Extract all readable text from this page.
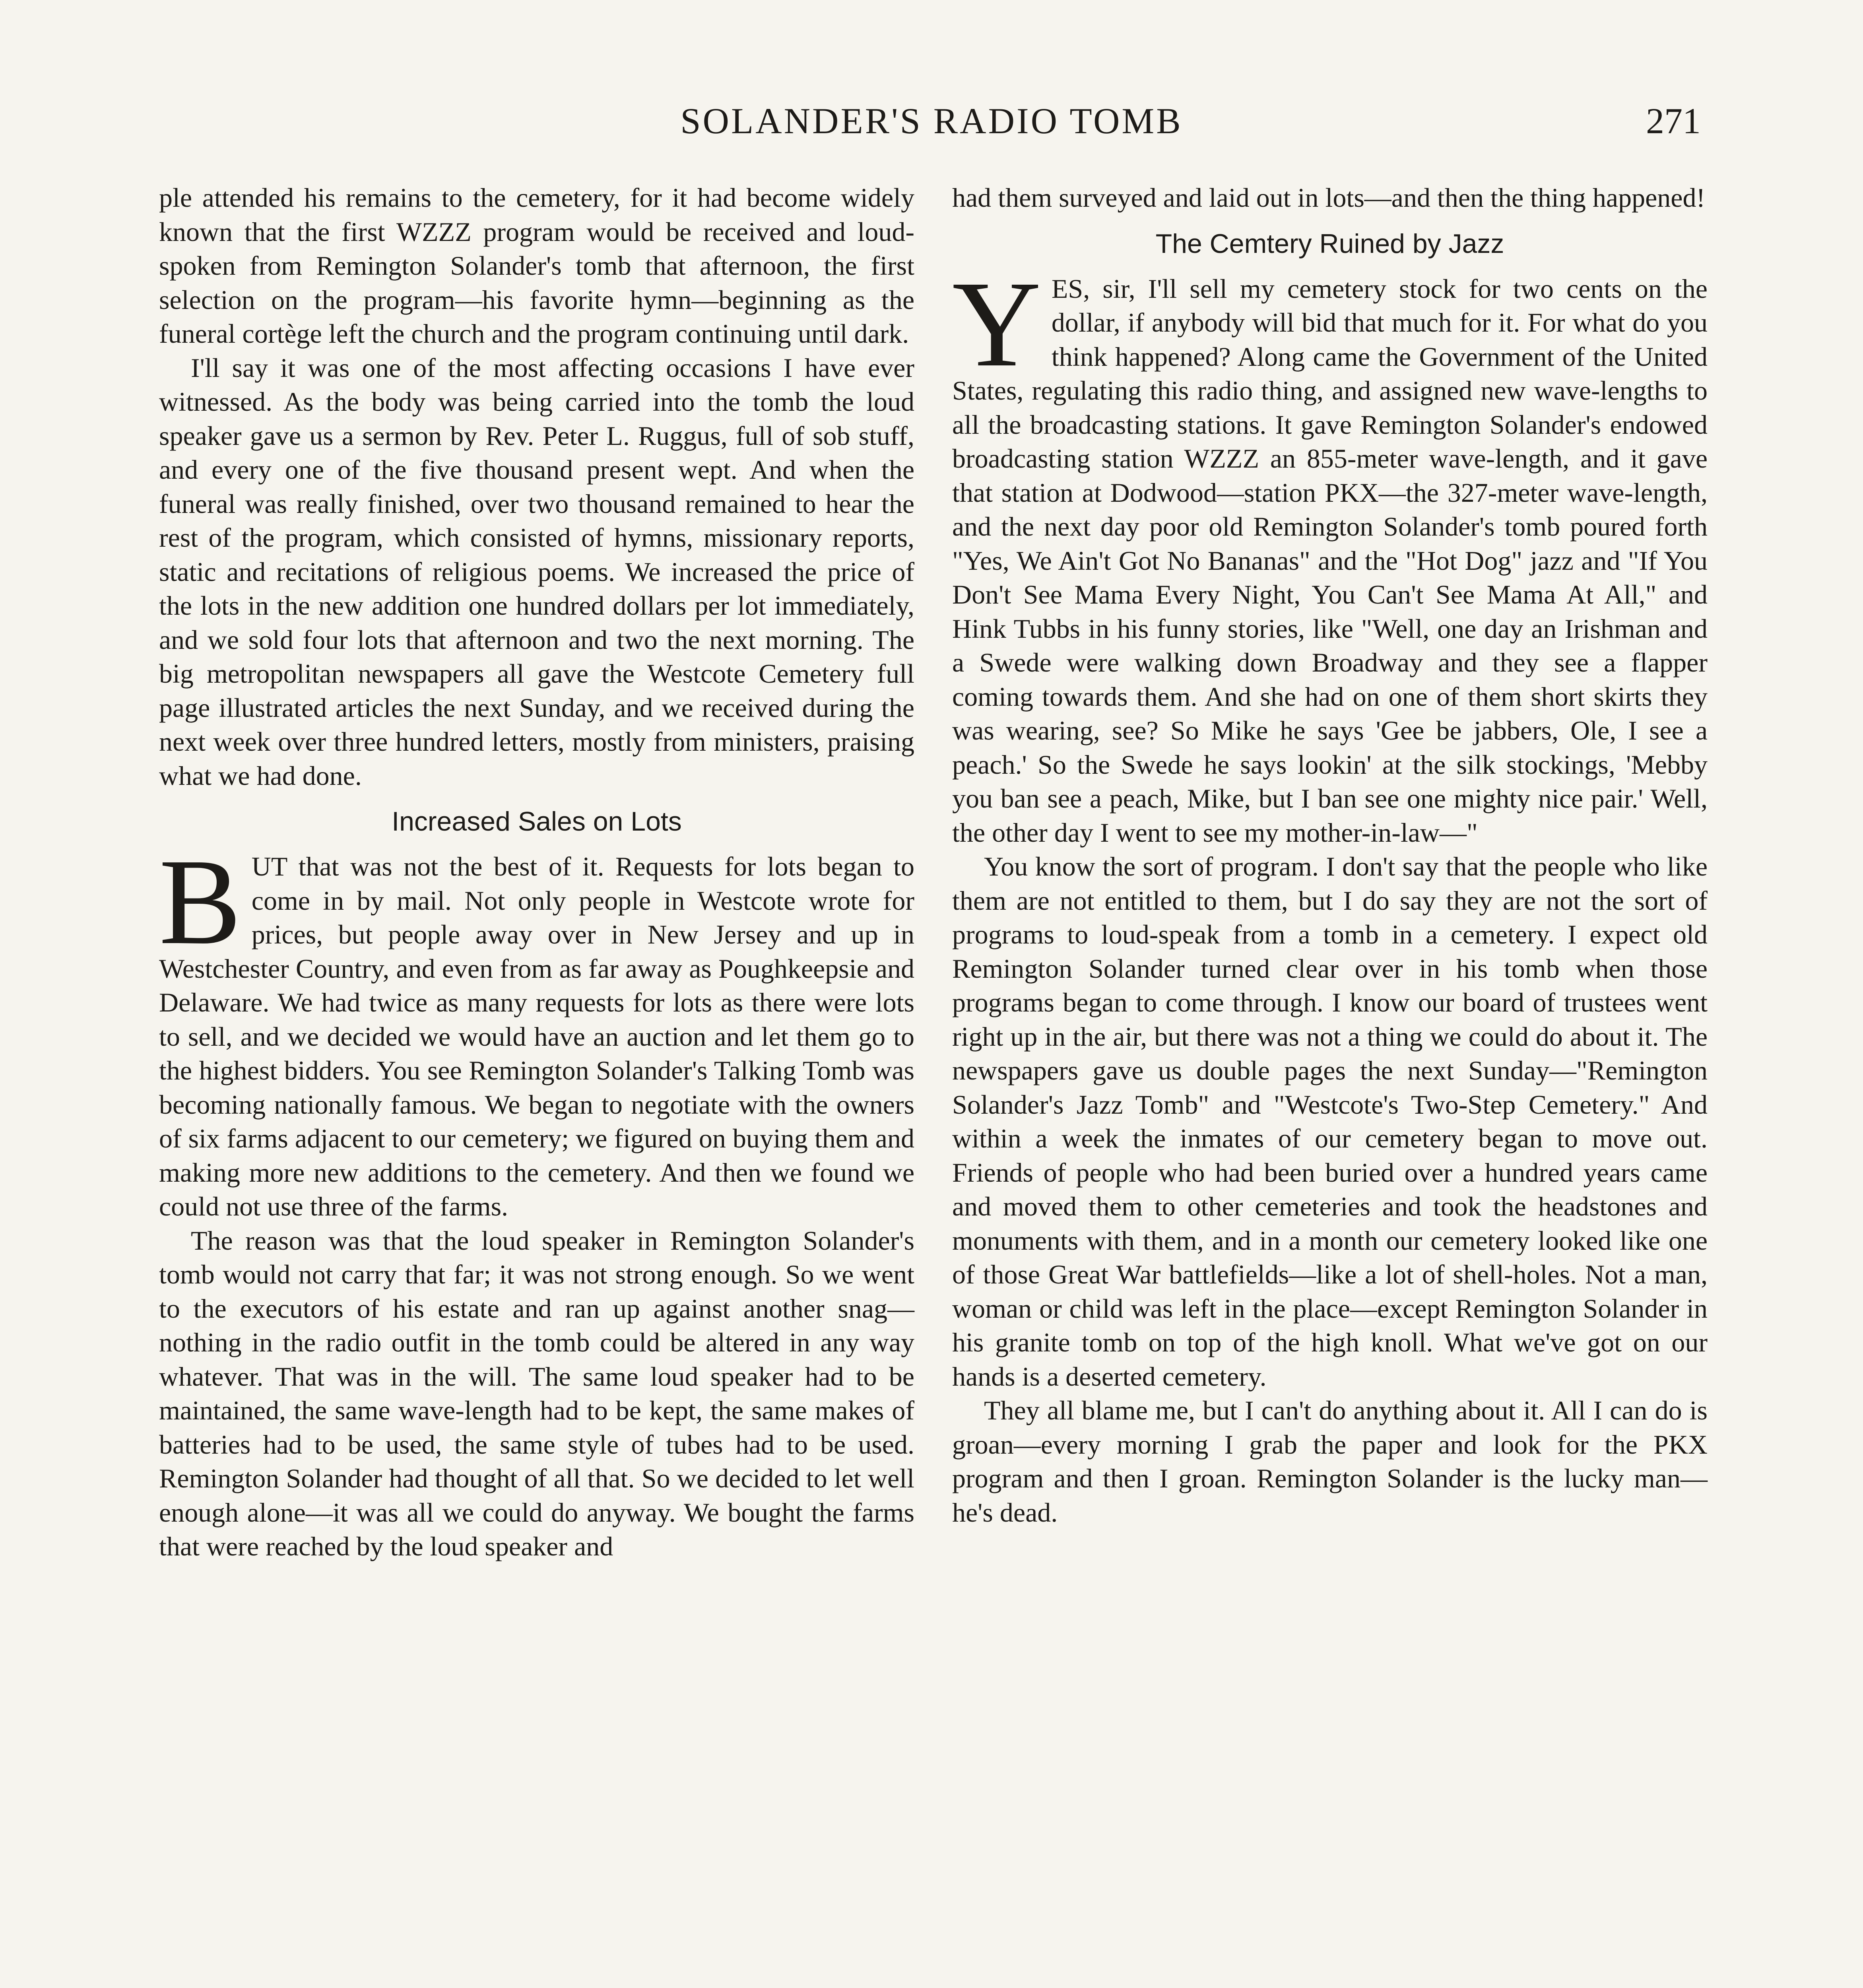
SOLANDER'S RADIO TOMB	271

ple attended his remains to the cemetery, for it had become widely known that the first WZZZ program would be received and loud-spoken from Remington Solander's tomb that afternoon, the first selection on the program—his favorite hymn—beginning as the funeral cortège left the church and the program continuing until dark.

I'll say it was one of the most affecting occasions I have ever witnessed. As the body was being carried into the tomb the loud speaker gave us a sermon by Rev. Peter L. Ruggus, full of sob stuff, and every one of the five thousand present wept. And when the funeral was really finished, over two thousand remained to hear the rest of the program, which consisted of hymns, missionary reports, static and recitations of religious poems. We increased the price of the lots in the new addition one hundred dollars per lot immediately, and we sold four lots that afternoon and two the next morning. The big metropolitan newspapers all gave the Westcote Cemetery full page illustrated articles the next Sunday, and we received during the next week over three hundred letters, mostly from ministers, praising what we had done.

Increased Sales on Lots

BUT that was not the best of it. Requests for lots began to come in by mail. Not only people in Westcote wrote for prices, but people away over in New Jersey and up in Westchester Country, and even from as far away as Poughkeepsie and Delaware. We had twice as many requests for lots as there were lots to sell, and we decided we would have an auction and let them go to the highest bidders. You see Remington Solander's Talking Tomb was becoming nationally famous. We began to negotiate with the owners of six farms adjacent to our cemetery; we figured on buying them and making more new additions to the cemetery. And then we found we could not use three of the farms.

The reason was that the loud speaker in Remington Solander's tomb would not carry that far; it was not strong enough. So we went to the executors of his estate and ran up against another snag—nothing in the radio outfit in the tomb could be altered in any way whatever. That was in the will. The same loud speaker had to be maintained, the same wave-length had to be kept, the same makes of batteries had to be used, the same style of tubes had to be used. Remington Solander had thought of all that. So we decided to let well enough alone—it was all we could do anyway. We bought the farms that were reached by the loud speaker and

had them surveyed and laid out in lots—and then the thing happened!

The Cemtery Ruined by Jazz

YES, sir, I'll sell my cemetery stock for two cents on the dollar, if anybody will bid that much for it. For what do you think happened? Along came the Government of the United States, regulating this radio thing, and assigned new wave-lengths to all the broadcasting stations. It gave Remington Solander's endowed broadcasting station WZZZ an 855-meter wave-length, and it gave that station at Dodwood—station PKX—the 327-meter wave-length, and the next day poor old Remington Solander's tomb poured forth "Yes, We Ain't Got No Bananas" and the "Hot Dog" jazz and "If You Don't See Mama Every Night, You Can't See Mama At All," and Hink Tubbs in his funny stories, like "Well, one day an Irishman and a Swede were walking down Broadway and they see a flapper coming towards them. And she had on one of them short skirts they was wearing, see? So Mike he says 'Gee be jabbers, Ole, I see a peach.' So the Swede he says lookin' at the silk stockings, 'Mebby you ban see a peach, Mike, but I ban see one mighty nice pair.' Well, the other day I went to see my mother-in-law—"

You know the sort of program. I don't say that the people who like them are not entitled to them, but I do say they are not the sort of programs to loud-speak from a tomb in a cemetery. I expect old Remington Solander turned clear over in his tomb when those programs began to come through. I know our board of trustees went right up in the air, but there was not a thing we could do about it. The newspapers gave us double pages the next Sunday—"Remington Solander's Jazz Tomb" and "Westcote's Two-Step Cemetery." And within a week the inmates of our cemetery began to move out. Friends of people who had been buried over a hundred years came and moved them to other cemeteries and took the headstones and monuments with them, and in a month our cemetery looked like one of those Great War battlefields—like a lot of shell-holes. Not a man, woman or child was left in the place—except Remington Solander in his granite tomb on top of the high knoll. What we've got on our hands is a deserted cemetery.

They all blame me, but I can't do anything about it. All I can do is groan—every morning I grab the paper and look for the PKX program and then I groan. Remington Solander is the lucky man—he's dead.
